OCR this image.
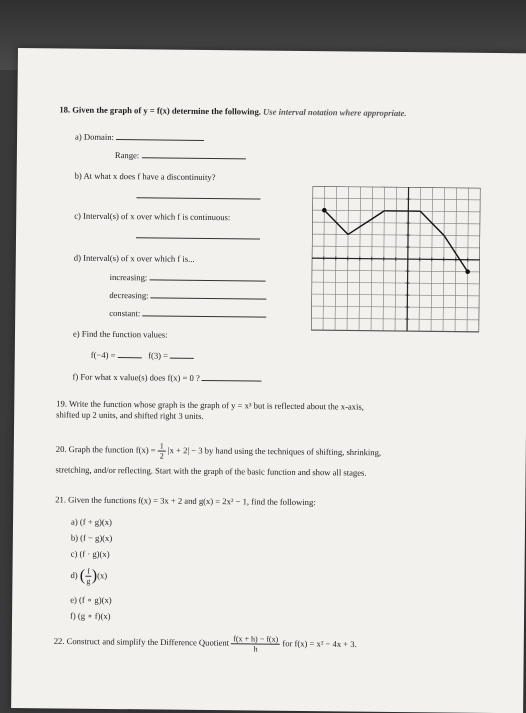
18. Given the graph of y = f(x) determine the following. Use interval notation where appropriate.
a) Domain:
Range:
b) At what x does f have a discontinuity?
c) Interval(s) of x over which f is continuous:
d) Interval(s) of x over which f is...
increasing:
decreasing:
constant:
e) Find the function values:
f(−4) =	f(3) =
f) For what x value(s) does f(x) = 0 ?
19. Write the function whose graph is the graph of y = x³ but is reflected about the x-axis,
shifted up 2 units, and shifted right 3 units.
20. Graph the function $f(x) = \frac{1}{2} |x + 2| - 3$ by hand using the techniques of shifting, shrinking,
stretching, and/or reflecting. Start with the graph of the basic function and show all stages.
21. Given the functions f(x) = 3x + 2 and g(x) = 2x² − 1, find the following:
a) (f + g)(x)
b) (f − g)(x)
c) (f · g)(x)
d) ( $\frac{f}{g} )(x)$
e) (f ∘ g)(x)
f) (g ∘ f)(x)
22. Construct and simplify the Difference Quotient $\frac{f(x + h) - f(x)}{h}$ for f(x) = x² − 4x + 3.
